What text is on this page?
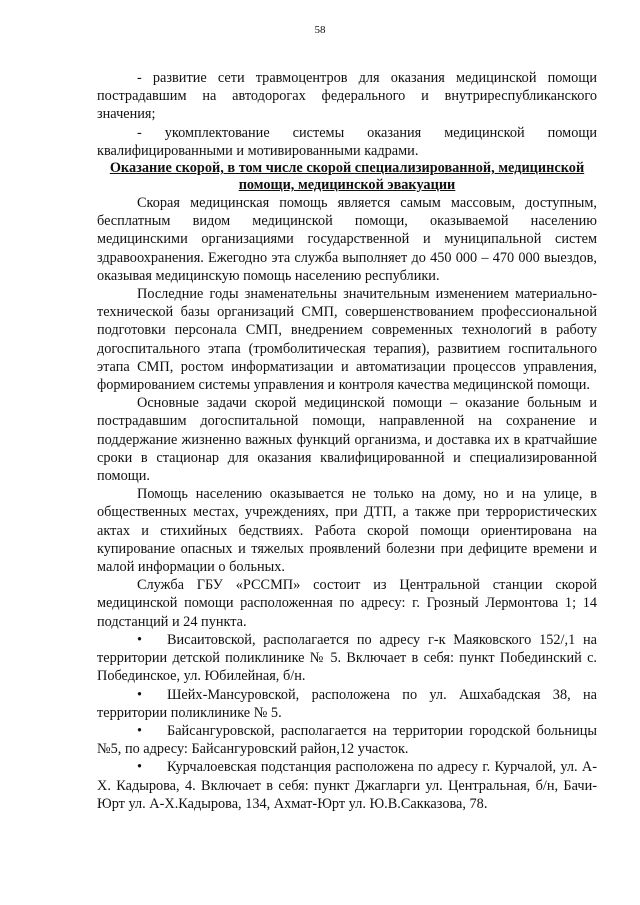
58

- развитие сети травмоцентров для оказания медицинской помощи пострадавшим на автодорогах федерального и внутриреспубликанского значения;

- укомплектование системы оказания медицинской помощи квалифицированными и мотивированными кадрами.

Оказание скорой, в том числе скорой специализированной, медицинской помощи, медицинской эвакуации

Скорая медицинская помощь является самым массовым, доступным, бесплатным видом медицинской помощи, оказываемой населению медицинскими организациями государственной и муниципальной систем здравоохранения. Ежегодно эта служба выполняет до 450 000 – 470 000 выездов, оказывая медицинскую помощь населению республики.

Последние годы знаменательны значительным изменением материально-технической базы организаций СМП, совершенствованием профессиональной подготовки персонала СМП, внедрением современных технологий в работу догоспитального этапа (тромболитическая терапия), развитием госпитального этапа СМП, ростом информатизации и автоматизации процессов управления, формированием системы управления и контроля качества медицинской помощи.

Основные задачи скорой медицинской помощи – оказание больным и пострадавшим догоспитальной помощи, направленной на сохранение и поддержание жизненно важных функций организма, и доставка их в кратчайшие сроки в стационар для оказания квалифицированной и специализированной помощи.

Помощь населению оказывается не только на дому, но и на улице, в общественных местах, учреждениях, при ДТП, а также при террористических актах и стихийных бедствиях. Работа скорой помощи ориентирована на купирование опасных и тяжелых проявлений болезни при дефиците времени и малой информации о больных.

Служба ГБУ «РССМП» состоит из Центральной станции скорой медицинской помощи расположенная по адресу: г. Грозный Лермонтова 1; 14 подстанций и 24 пункта.

• Висаитовской, располагается по адресу г-к Маяковского 152/,1 на территории детской поликлинике № 5. Включает в себя: пункт Побединский с. Побединское, ул. Юбилейная, б/н.

• Шейх-Мансуровской, расположена по ул. Ашхабадская 38, на территории поликлинике № 5.

• Байсангуровской, располагается на территории городской больницы №5, по адресу: Байсангуровский район,12 участок.

• Курчалоевская подстанция расположена по адресу г. Курчалой, ул. А-Х. Кадырова, 4. Включает в себя: пункт Джагларги ул. Центральная, б/н, Бачи-Юрт ул. А-Х.Кадырова, 134, Ахмат-Юрт ул. Ю.В.Сакказова, 78.
